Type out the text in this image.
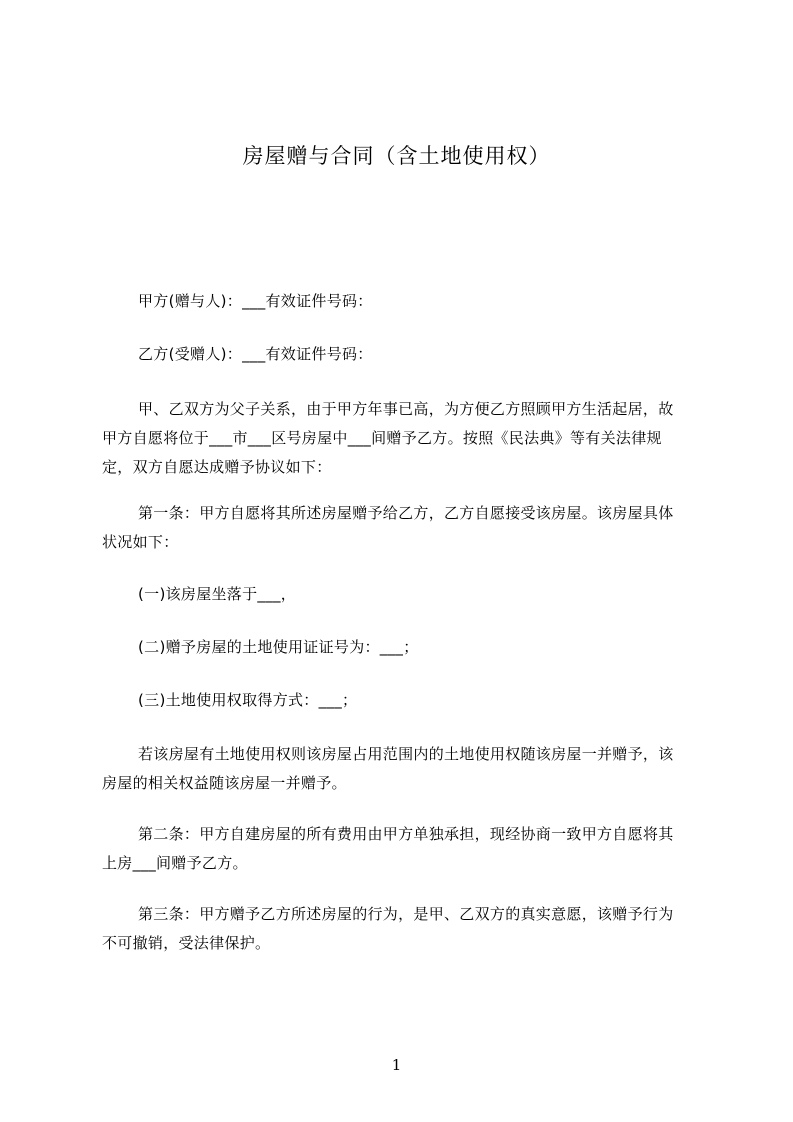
房屋赠与合同（含土地使用权）
甲方(赠与人)：___有效证件号码：
乙方(受赠人)：___有效证件号码：
甲、乙双方为父子关系，由于甲方年事已高，为方便乙方照顾甲方生活起居，故
甲方自愿将位于___市___区号房屋中___间赠予乙方。按照《民法典》等有关法律规
定，双方自愿达成赠予协议如下：
第一条：甲方自愿将其所述房屋赠予给乙方，乙方自愿接受该房屋。该房屋具体
状况如下：
(一)该房屋坐落于___，
(二)赠予房屋的土地使用证证号为：___；
(三)土地使用权取得方式：___；
若该房屋有土地使用权则该房屋占用范围内的土地使用权随该房屋一并赠予，该
房屋的相关权益随该房屋一并赠予。
第二条：甲方自建房屋的所有费用由甲方单独承担，现经协商一致甲方自愿将其
上房___间赠予乙方。
第三条：甲方赠予乙方所述房屋的行为，是甲、乙双方的真实意愿，该赠予行为
不可撤销，受法律保护。
1
